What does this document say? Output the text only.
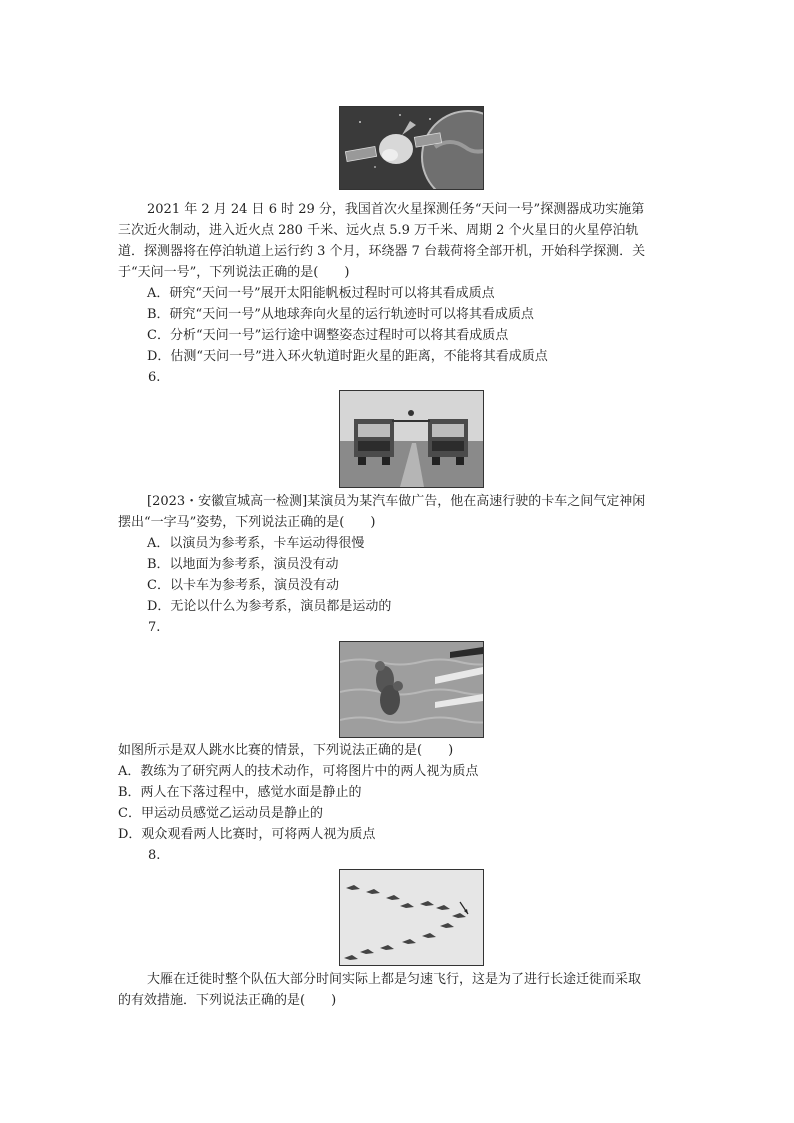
2021 年 2 月 24 日 6 时 29 分，我国首次火星探测任务“天问一号”探测器成功实施第
三次近火制动，进入近火点 280 千米、远火点 5.9 万千米、周期 2 个火星日的火星停泊轨
道．探测器将在停泊轨道上运行约 3 个月，环绕器 7 台载荷将全部开机，开始科学探测．关
于“天问一号”，下列说法正确的是(　　)
A．研究“天问一号”展开太阳能帆板过程时可以将其看成质点
B．研究“天问一号”从地球奔向火星的运行轨迹时可以将其看成质点
C．分析“天问一号”运行途中调整姿态过程时可以将其看成质点
D．估测“天问一号”进入环火轨道时距火星的距离，不能将其看成质点
6.
[2023・安徽宣城高一检测]某演员为某汽车做广告，他在高速行驶的卡车之间气定神闲
摆出“一字马”姿势，下列说法正确的是(　　)
A．以演员为参考系，卡车运动得很慢
B．以地面为参考系，演员没有动
C．以卡车为参考系，演员没有动
D．无论以什么为参考系，演员都是运动的
7.
如图所示是双人跳水比赛的情景，下列说法正确的是(　　)
A．教练为了研究两人的技术动作，可将图片中的两人视为质点
B．两人在下落过程中，感觉水面是静止的
C．甲运动员感觉乙运动员是静止的
D．观众观看两人比赛时，可将两人视为质点
8.
大雁在迁徙时整个队伍大部分时间实际上都是匀速飞行，这是为了进行长途迁徙而采取
的有效措施．下列说法正确的是(　　)
